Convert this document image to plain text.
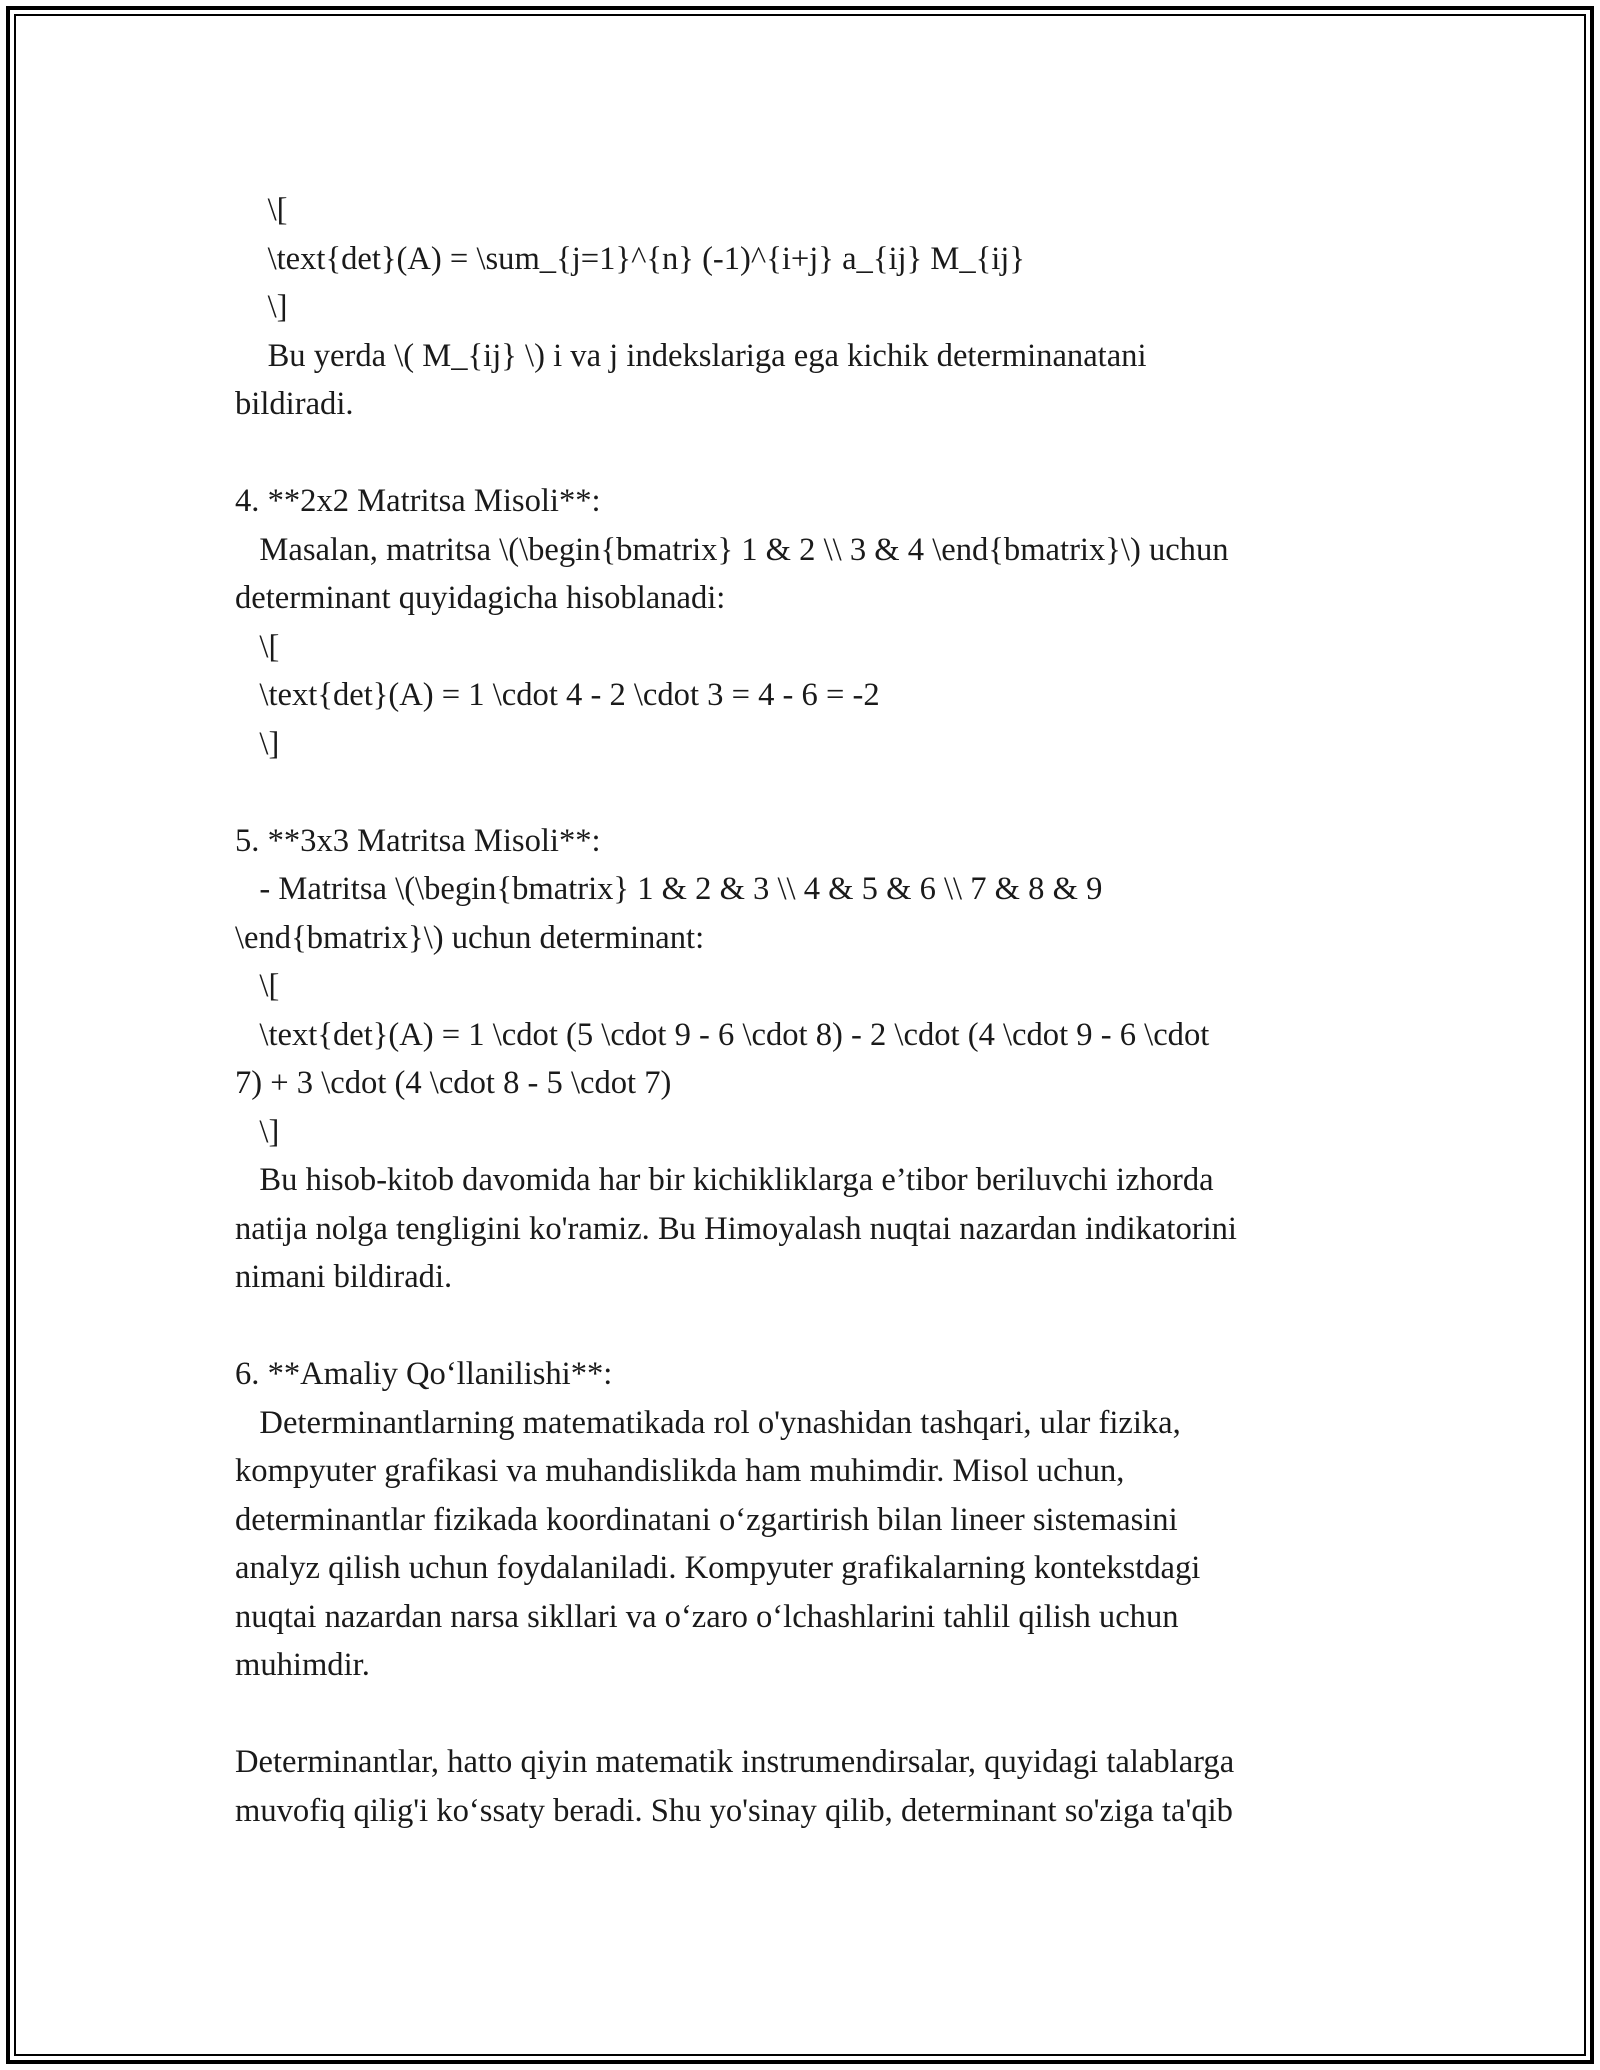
\[
\text{det}(A) = \sum_{j=1}^{n} (-1)^{i+j} a_{ij} M_{ij}
\]
Bu yerda \( M_{ij} \) i va j indekslariga ega kichik determinanatani
bildiradi.
4. **2x2 Matritsa Misoli**:
Masalan, matritsa \(\begin{bmatrix} 1 & 2 \\ 3 & 4 \end{bmatrix}\) uchun
determinant quyidagicha hisoblanadi:
\[
\text{det}(A) = 1 \cdot 4 - 2 \cdot 3 = 4 - 6 = -2
\]
5. **3x3 Matritsa Misoli**:
- Matritsa \(\begin{bmatrix} 1 & 2 & 3 \\ 4 & 5 & 6 \\ 7 & 8 & 9
\end{bmatrix}\) uchun determinant:
\[
\text{det}(A) = 1 \cdot (5 \cdot 9 - 6 \cdot 8) - 2 \cdot (4 \cdot 9 - 6 \cdot
7) + 3 \cdot (4 \cdot 8 - 5 \cdot 7)
\]
Bu hisob-kitob davomida har bir kichikliklarga e’tibor beriluvchi izhorda
natija nolga tengligini ko'ramiz. Bu Himoyalash nuqtai nazardan indikatorini
nimani bildiradi.
6. **Amaliy Qo‘llanilishi**:
Determinantlarning matematikada rol o'ynashidan tashqari, ular fizika,
kompyuter grafikasi va muhandislikda ham muhimdir. Misol uchun,
determinantlar fizikada koordinatani o‘zgartirish bilan lineer sistemasini
analyz qilish uchun foydalaniladi. Kompyuter grafikalarning kontekstdagi
nuqtai nazardan narsa sikllari va o‘zaro o‘lchashlarini tahlil qilish uchun
muhimdir.
Determinantlar, hatto qiyin matematik instrumendirsalar, quyidagi talablarga
muvofiq qilig'i ko‘ssaty beradi. Shu yo'sinay qilib, determinant so'ziga ta'qib
